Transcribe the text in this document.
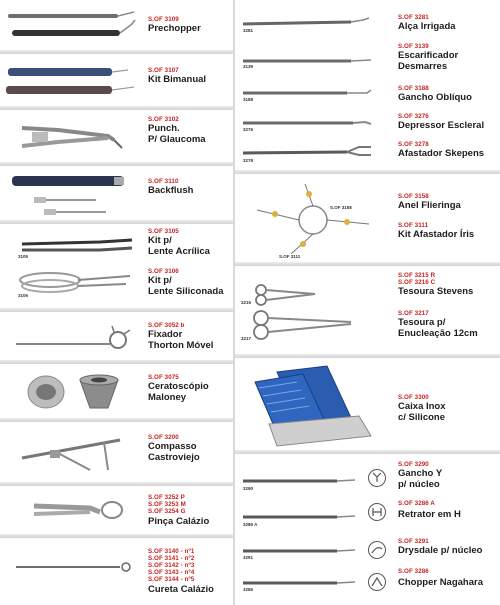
S.OF 3109
Prechopper
S.OF 3107
Kit Bimanual
S.OF 3102
Punch.
P/ Glaucoma
S.OF 3110
Backflush
3105
S.OF 3105
Kit p/
Lente Acrílica
3106
S.OF 3106
Kit p/
Lente Siliconada
S.OF 3052 b
Fixador
Thorton Móvel
S.OF 3075
Ceratoscópio
Maloney
S.OF 3200
Compasso
Castroviejo
S.OF 3252 P
S.OF 3253 M
S.OF 3254 G
Pinça Calázio
S.OF 3140 - nº1
S.OF 3141 - nº2
S.OF 3142 - nº3
S.OF 3143 - nº4
S.OF 3144 - nº5
Cureta Calázio
3281
S.OF 3281
Alça Irrigada
3139
S.OF 3139
Escarificador
Desmarres
3188
S.OF 3188
Gancho Oblíquo
3276
S.OF 3276
Depressor Escleral
3278
S.OF 3278
Afastador Skepens
S.OF 3158
S.OF 3111
S.OF 3158
Anel Flieringa
S.OF 3111
Kit Afastador Íris
3215
3217
S.OF 3215 R
S.OF 3216 C
Tesoura Stevens
S.OF 3217
Tesoura p/
Enucleação 12cm
S.OF 3300
Caixa Inox
c/ Silicone
3290
S.OF 3290
Gancho Y
p/ núcleo
3286 A
S.OF 3286 A
Retrator em H
3291
S.OF 3291
Drysdale p/ núcleo
3286
S.OF 3286
Chopper Nagahara
